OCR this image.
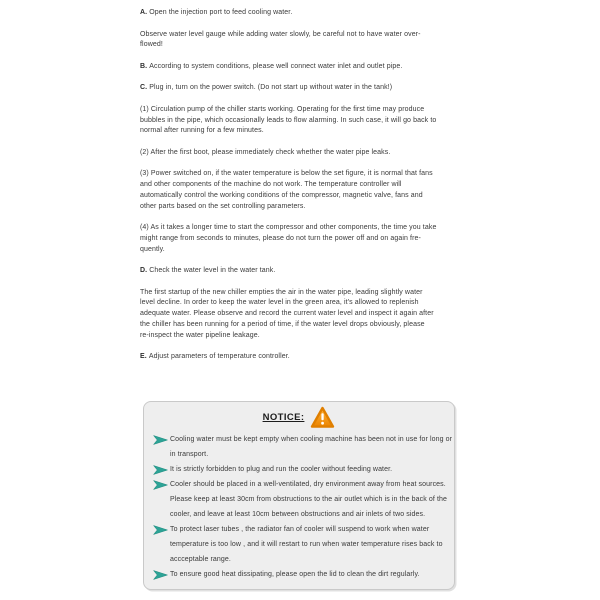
A. Open the injection port to feed cooling water.
Observe water level gauge while adding water slowly, be careful not to have water over-
flowed!
B. According to system conditions, please well connect water inlet and outlet pipe.
C. Plug in, turn on the power switch. (Do not start up without water in the tank!)
(1) Circulation pump of the chiller starts working. Operating for the first time may produce
bubbles in the pipe, which occasionally leads to flow alarming. In such case, it will go back to
normal after running for a few minutes.
(2) After the first boot, please immediately check whether the water pipe leaks.
(3) Power switched on, if the water temperature is below the set figure, it is normal that fans
and other components of the machine do not work. The temperature controller will
automatically control the working conditions of the compressor, magnetic valve, fans and
other parts based on the set controlling parameters.
(4) As it takes a longer time to start the compressor and other components, the time you take
might range from seconds to minutes, please do not turn the power off and on again fre-
quently.
D. Check the water level in the water tank.
The first startup of the new chiller empties the air in the water pipe, leading slightly water
level decline. In order to keep the water level in the green area, it's allowed to replenish
adequate water. Please observe and record the current water level and inspect it again after
the chiller has been running for a period of time, if the water level drops obviously, please
re-inspect the water pipeline leakage.
E. Adjust parameters of temperature controller.
NOTICE:
Cooling water must be kept empty when cooling machine has been not in use for long or
in transport.
It is strictly forbidden to plug and run the cooler without feeding water.
Cooler should be placed in a well-ventilated, dry environment away from heat sources.
Please keep at least 30cm from obstructions to the air outlet which is in the back of the
cooler, and leave at least 10cm between obstructions and air inlets of two sides.
To protect laser tubes , the radiator fan of cooler will suspend to work when water
temperature is too low , and it will restart to run when water temperature rises back to
accceptable range.
To ensure good heat dissipating, please open the lid to clean the dirt regularly.
